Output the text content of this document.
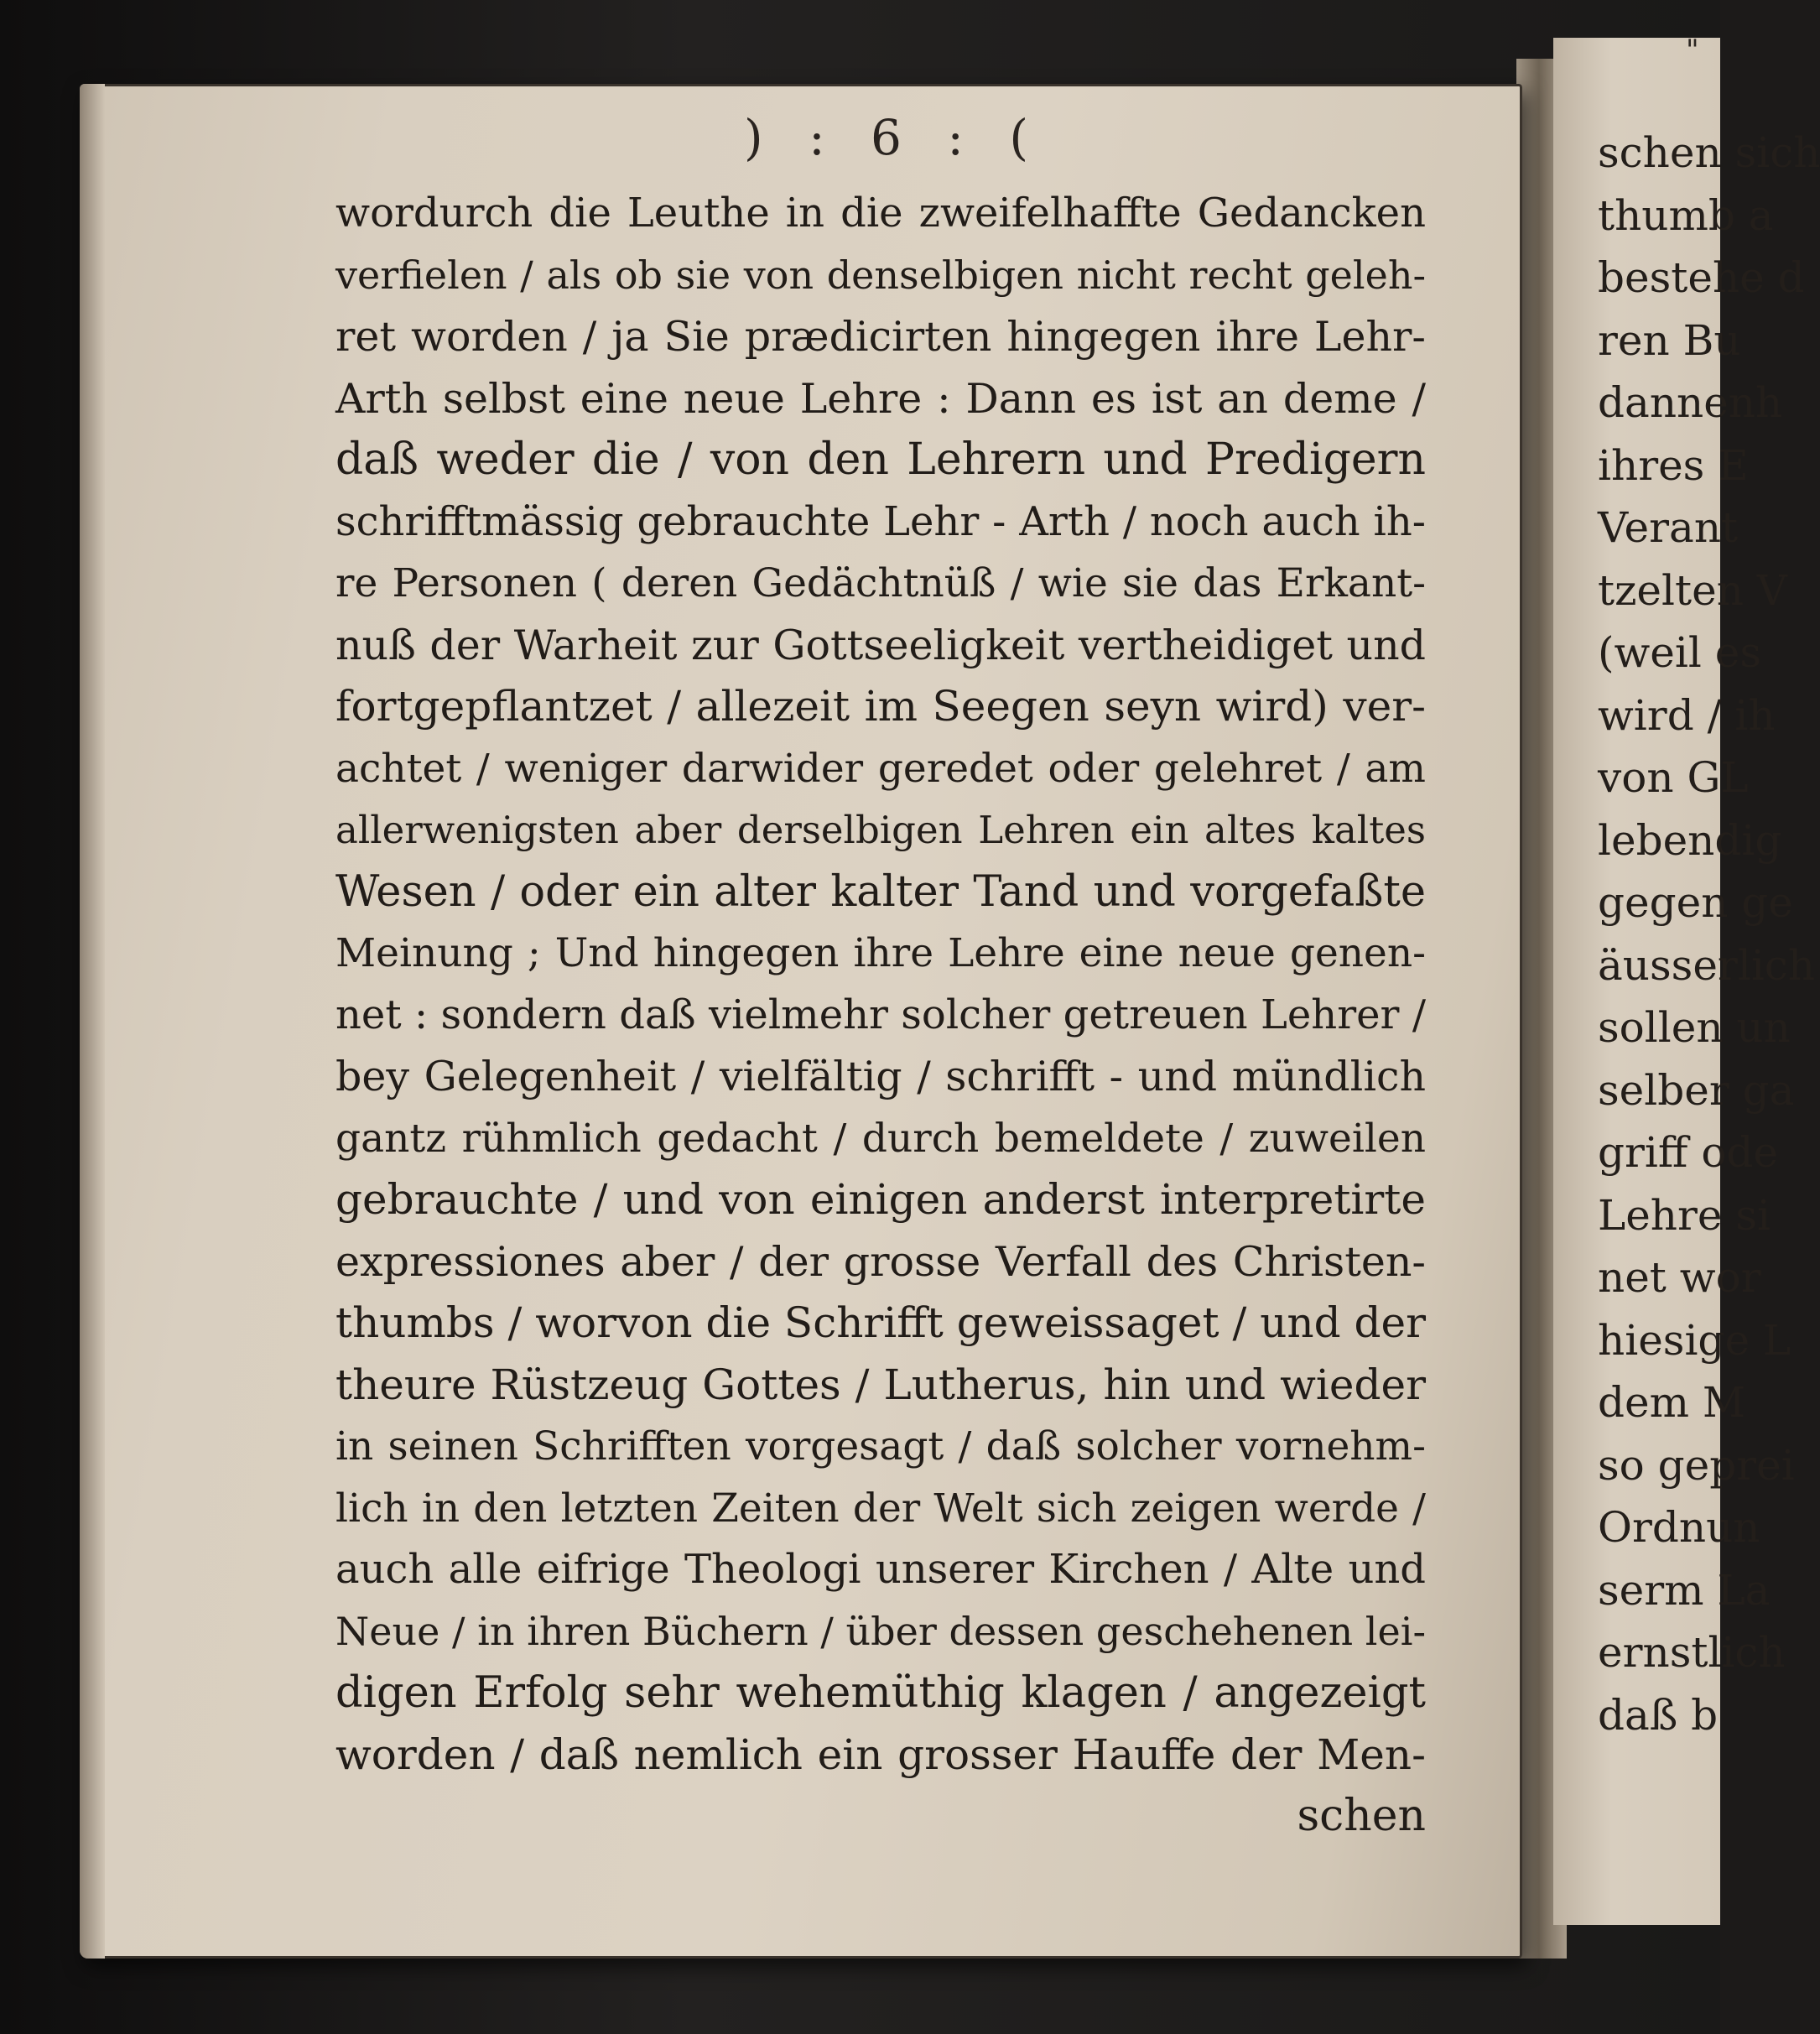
"
schen sich
thumb a
bestehe d
ren Bu
dannenh
ihres E
Verant
tzelten V
(weil es
wird / ih
von GL
lebendig
gegen ge
äusserlich
sollen un
selber ga
griff ode
Lehre si
net wor
hiesige L
dem M
so geprei
Ordnun
serm La
ernstlich
daß b
) : 6 : (
wordurch die Leuthe in die zweifelhaffte Gedancken
verfielen / als ob sie von denselbigen nicht recht geleh-
ret worden / ja Sie prædicirten hingegen ihre Lehr-
Arth selbst eine neue Lehre : Dann es ist an deme /
daß weder die / von den Lehrern und Predigern
schrifftmässig gebrauchte Lehr - Arth / noch auch ih-
re Personen ( deren Gedächtnüß / wie sie das Erkant-
nuß der Warheit zur Gottseeligkeit vertheidiget und
fortgepflantzet / allezeit im Seegen seyn wird) ver-
achtet / weniger darwider geredet oder gelehret / am
allerwenigsten aber derselbigen Lehren ein altes kaltes
Wesen / oder ein alter kalter Tand und vorgefaßte
Meinung ; Und hingegen ihre Lehre eine neue genen-
net : sondern daß vielmehr solcher getreuen Lehrer /
bey Gelegenheit / vielfältig / schrifft - und mündlich
gantz rühmlich gedacht / durch bemeldete / zuweilen
gebrauchte / und von einigen anderst interpretirte
expressiones aber / der grosse Verfall des Christen-
thumbs / worvon die Schrifft geweissaget / und der
theure Rüstzeug Gottes / Lutherus, hin und wieder
in seinen Schrifften vorgesagt / daß solcher vornehm-
lich in den letzten Zeiten der Welt sich zeigen werde /
auch alle eifrige Theologi unserer Kirchen / Alte und
Neue / in ihren Büchern / über dessen geschehenen lei-
digen Erfolg sehr wehemüthig klagen / angezeigt
worden / daß nemlich ein grosser Hauffe der Men-
schen
